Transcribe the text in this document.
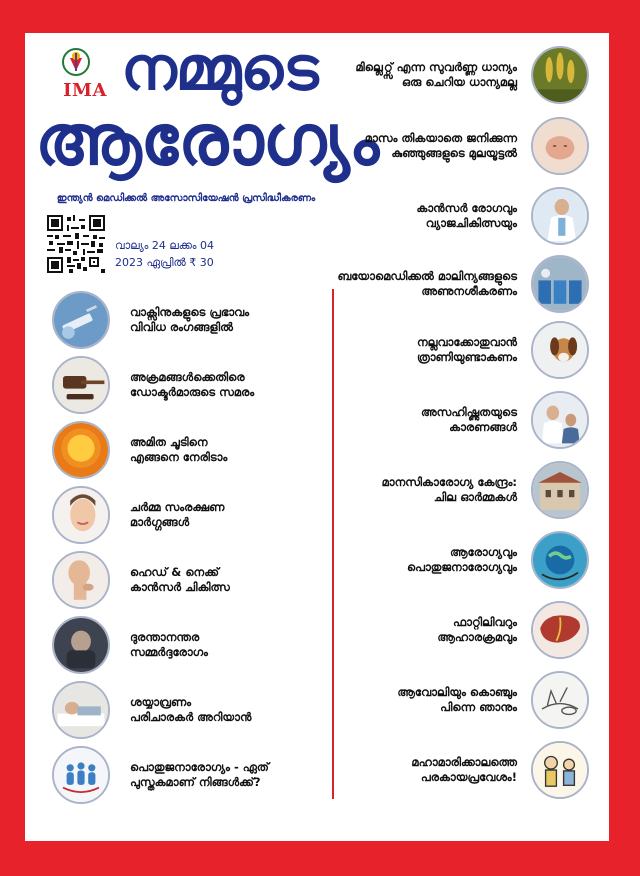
IMA നമ്മുടെ
ആരോഗ്യം
ഇന്ത്യൻ മെഡിക്കൽ അസോസിയേഷൻ പ്രസിദ്ധീകരണം
വാല്യം 24 ലക്കം 04
2023 ഏപ്രിൽ ₹ 30
വാക്സിനുകളുടെ പ്രഭാവം
വിവിധ രംഗങ്ങളിൽ
അക്രമങ്ങൾക്കെതിരെ
ഡോക്ടർമാരുടെ സമരം
അമിത ചൂടിനെ
എങ്ങനെ നേരിടാം
ചർമ്മ സംരക്ഷണ
മാർഗ്ഗങ്ങൾ
ഹെഡ് & നെക്ക്
കാൻസർ ചികിത്സ
ദുരന്താനന്തര
സമ്മർദ്ദരോഗം
ശയ്യാവ്രണം
പരിചാരകർ അറിയാൻ
പൊതുജനാരോഗ്യം - ഏത്
പുസ്തകമാണ് നിങ്ങൾക്ക്?
മില്ലെറ്റ്സ് എന്ന സുവർണ്ണ ധാന്യം
ഒരു ചെറിയ ധാന്യമല്ല
മാസം തികയാതെ ജനിക്കുന്ന
കുഞ്ഞുങ്ങളുടെ മുലയൂട്ടൽ
കാൻസർ രോഗവും
വ്യാജചികിത്സയും
ബയോമെഡിക്കൽ മാലിന്യങ്ങളുടെ
അണുനശീകരണം
നല്ലവാക്കോതുവാൻ
ത്രാണിയുണ്ടാകണം
അസഹിഷ്ണുതയുടെ
കാരണങ്ങൾ
മാനസികാരോഗ്യ കേന്ദ്രം:
ചില ഓർമ്മകൾ
ആരോഗ്യവും
പൊതുജനാരോഗ്യവും
ഫാറ്റിലിവറും
ആഹാരക്രമവും
ആവോലിയും കൊഞ്ചും
പിന്നെ ഞാനും
മഹാമാരിക്കാലത്തെ
പരകായപ്രവേശം!
